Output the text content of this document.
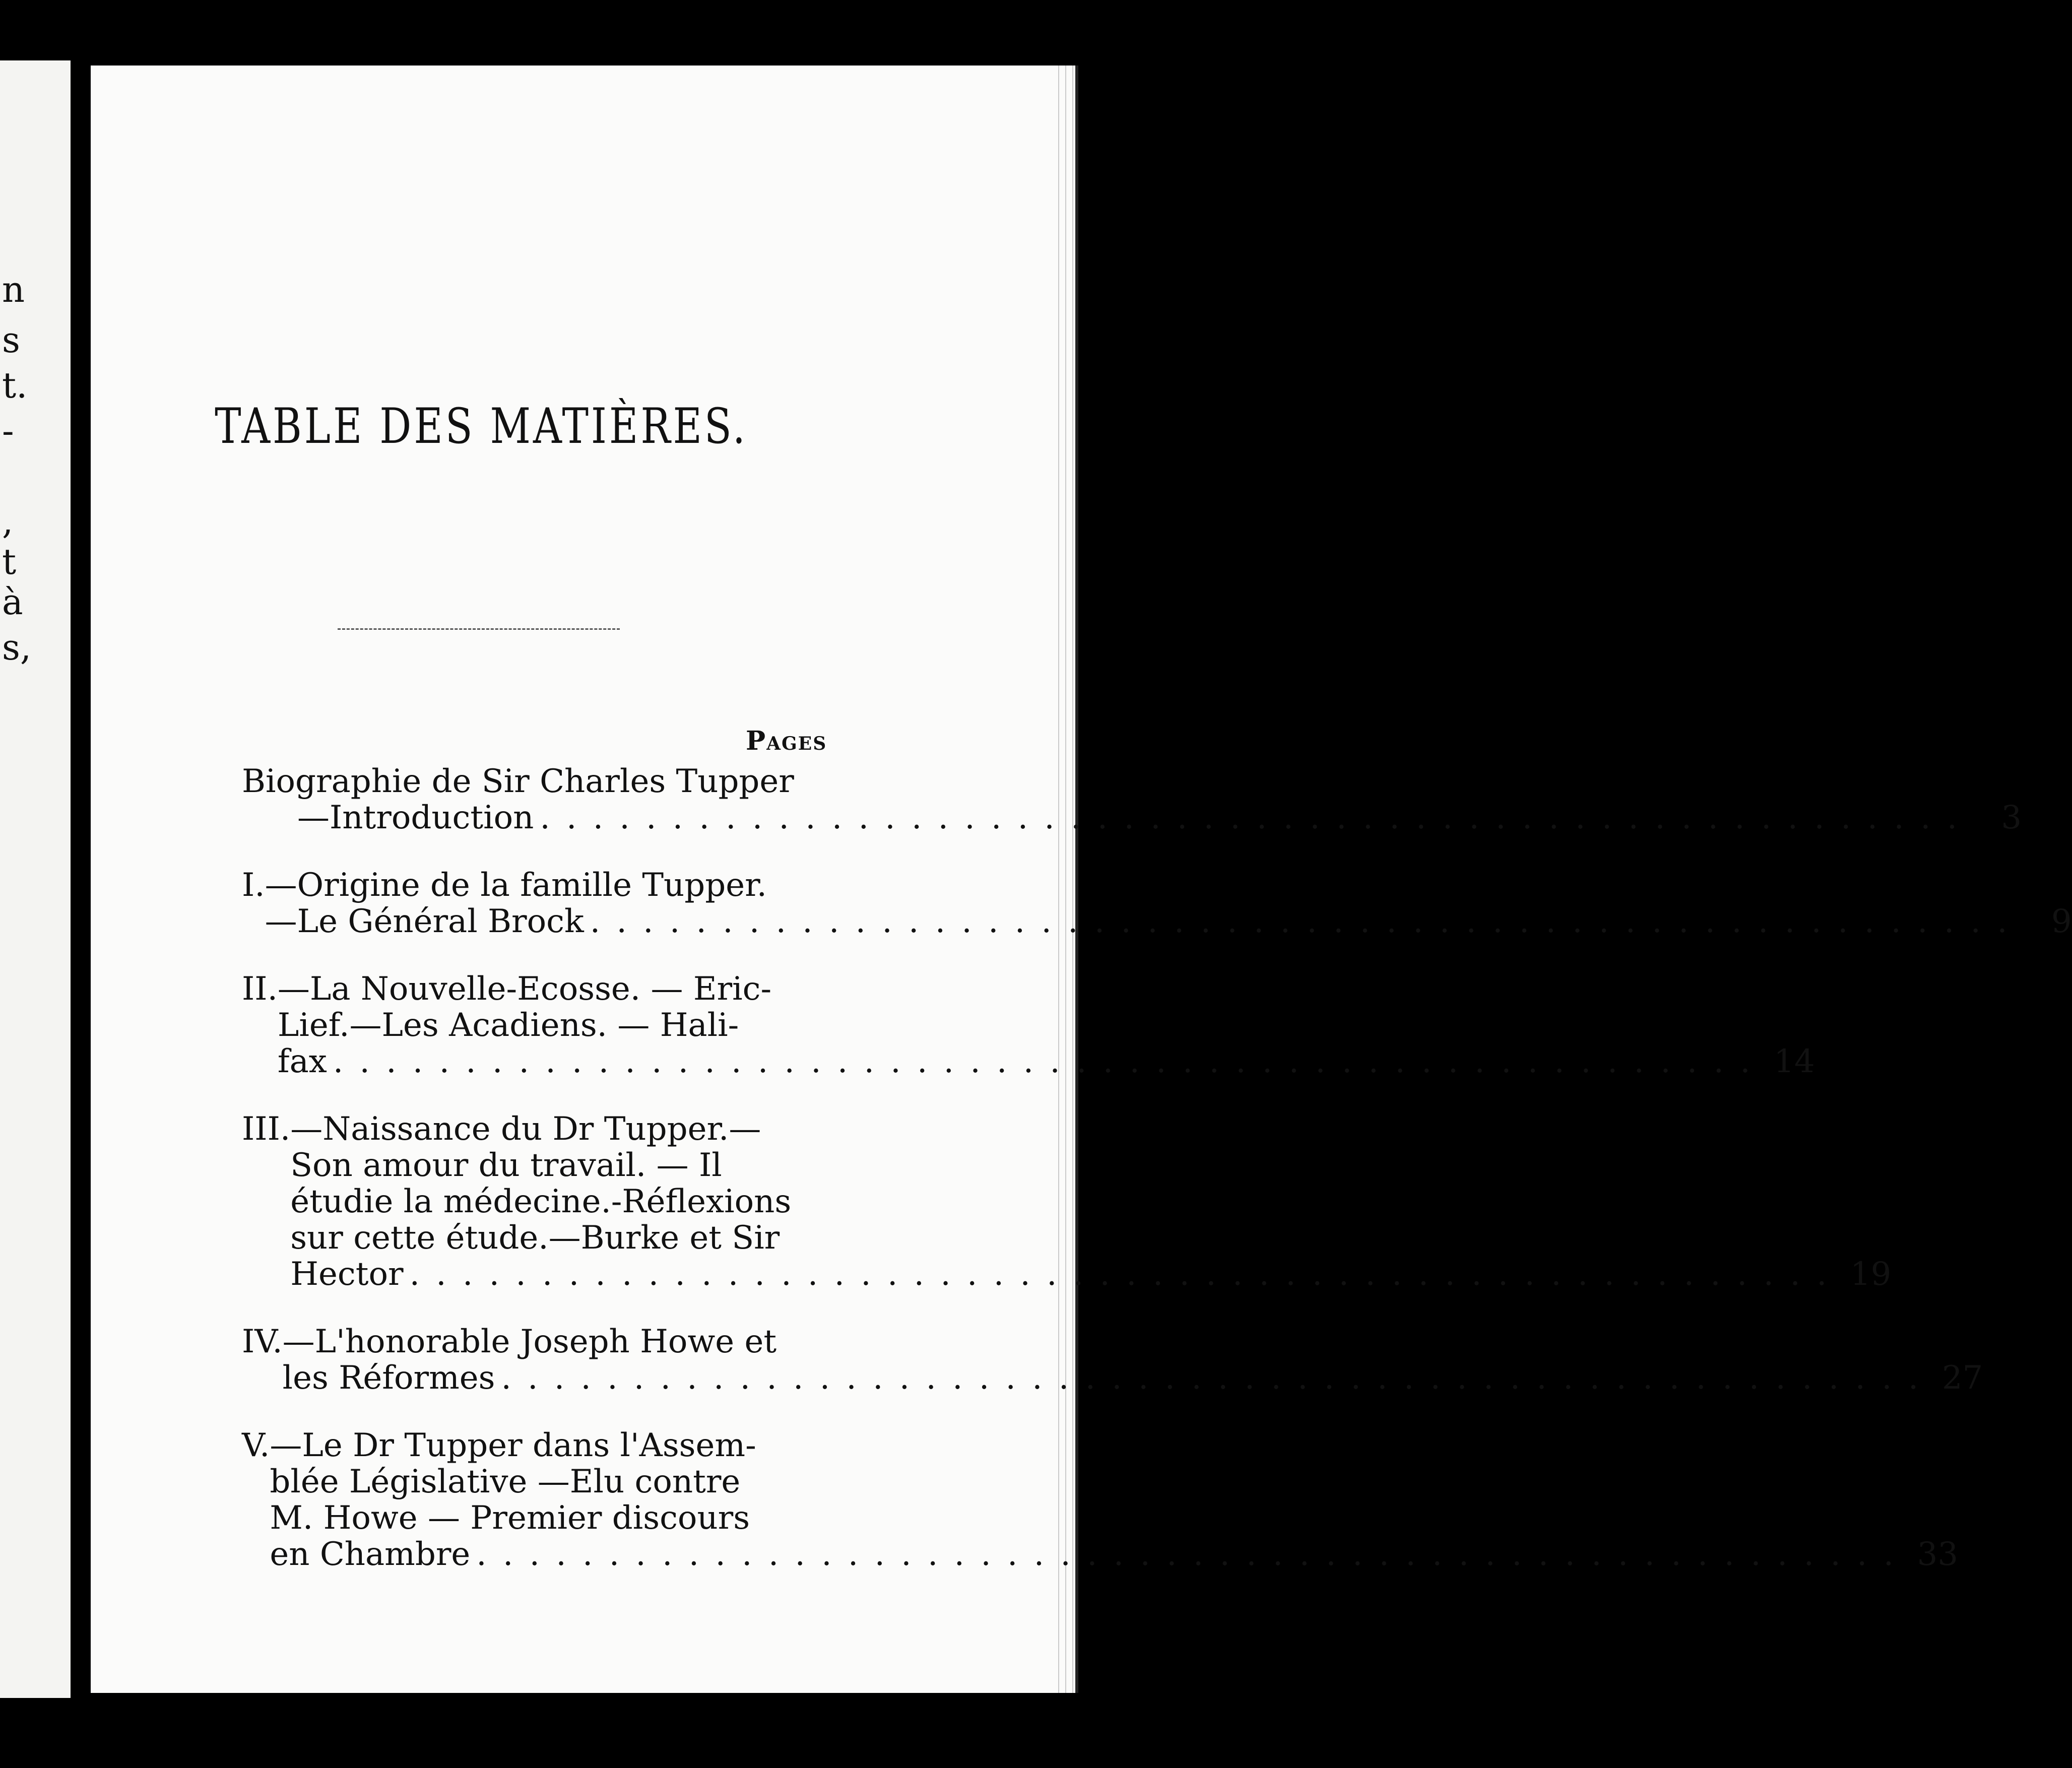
n
s
t.
-
,
t
à
s,
TABLE DES MATIÈRES.
Pages
Biographie de Sir Charles Tupper
—Introduction . . .	3
I. —Origine de la famille Tupper.
—Le Général Brock . . .	9
II. —La Nouvelle-Ecosse. — Eric-
Lief.—Les Acadiens. — Hali-
fax . . .	14
III. —Naissance du Dr Tupper.—
Son amour du travail. — Il
étudie la médecine.-Réflexions
sur cette étude.—Burke et Sir
Hector . . .	19
IV. —L'honorable Joseph Howe et
les Réformes . . .	27
V. —Le Dr Tupper dans l'Assem-
blée Législative —Elu contre
M. Howe — Premier discours
en Chambre . . .	33
